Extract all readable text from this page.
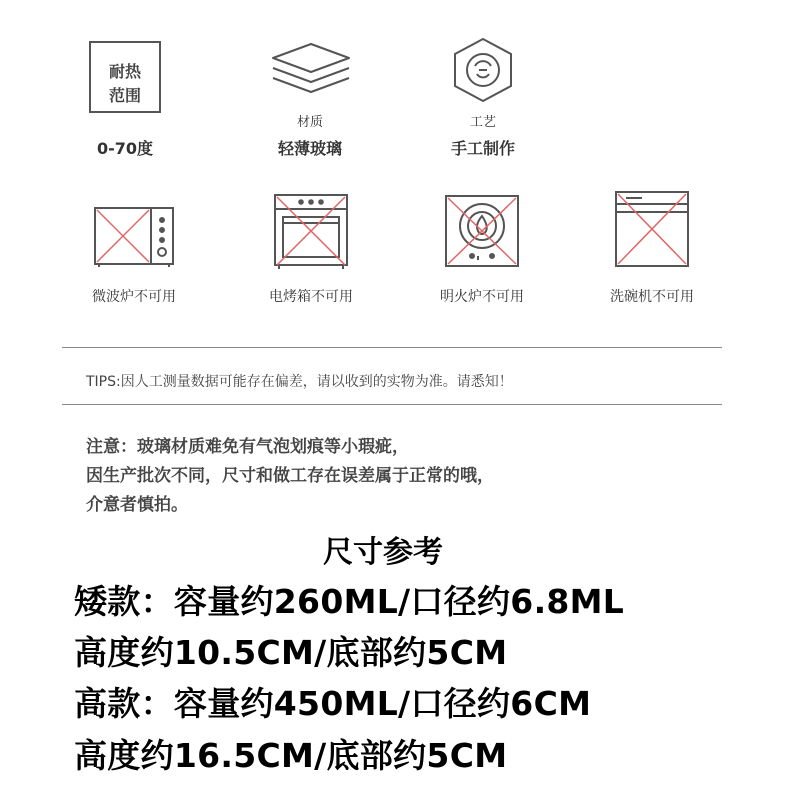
耐热
范围
0-70度
材质
轻薄玻璃
工艺
手工制作
微波炉不可用	电烤箱不可用	明火炉不可用	洗碗机不可用
TIPS:因人工测量数据可能存在偏差，请以收到的实物为准。请悉知！
注意：玻璃材质难免有气泡划痕等小瑕疵，
因生产批次不同，尺寸和做工存在误差属于正常的哦，
介意者慎拍。
尺寸参考
矮款：容量约260ML/口径约6.8ML
高度约10.5CM/底部约5CM
高款：容量约450ML/口径约6CM
高度约16.5CM/底部约5CM
